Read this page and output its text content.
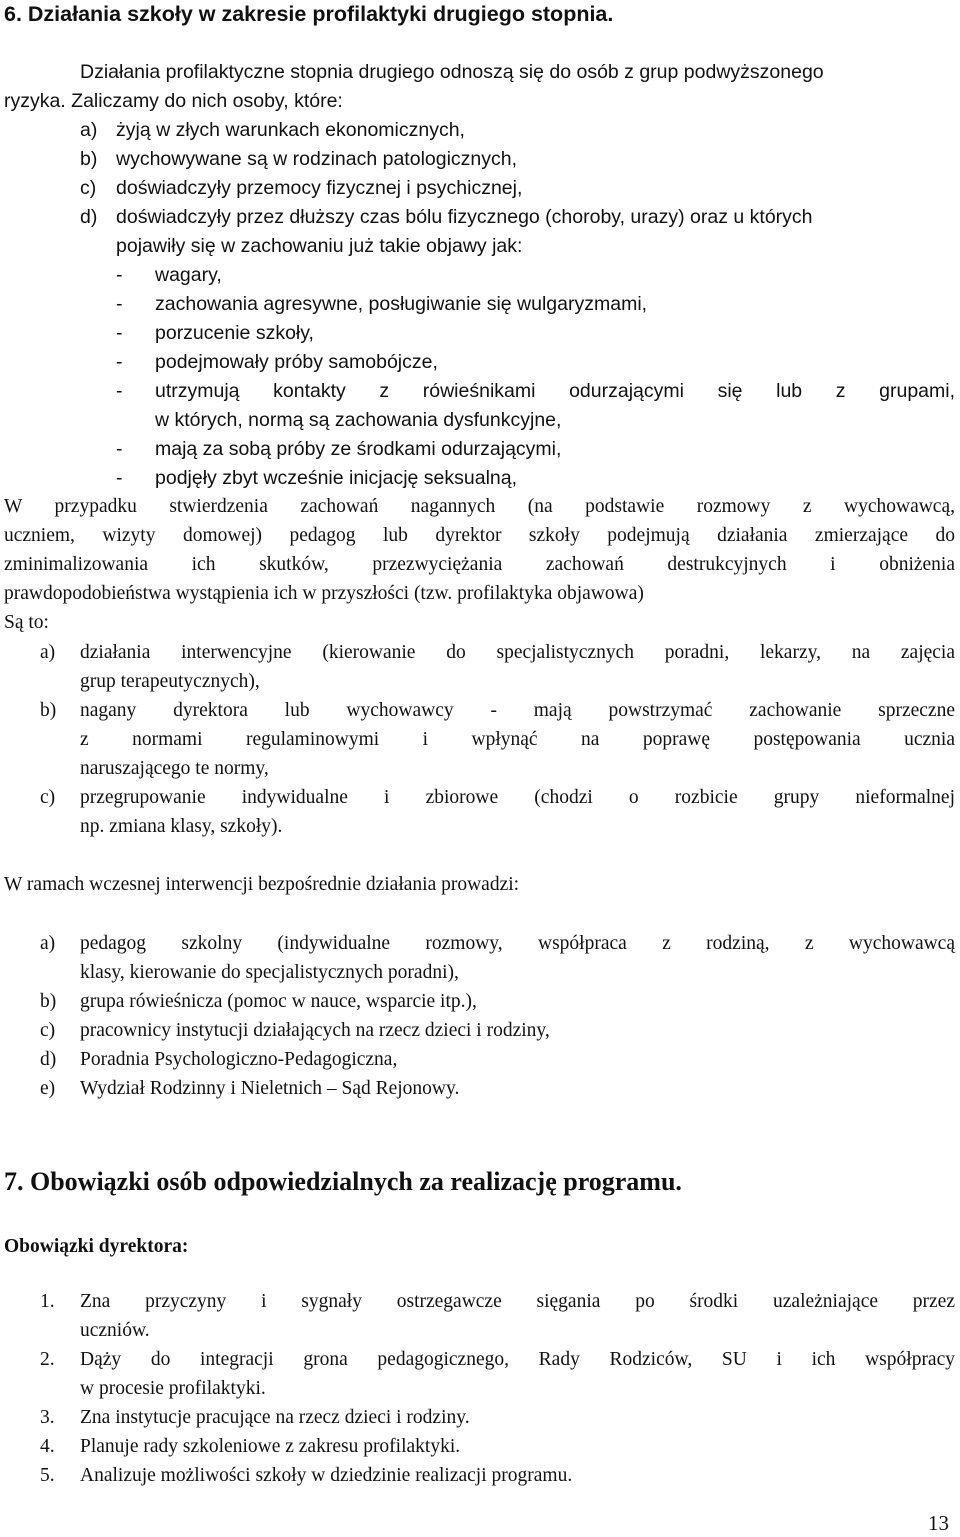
6. Działania szkoły w zakresie profilaktyki drugiego stopnia.
Działania profilaktyczne stopnia drugiego odnoszą się do osób z grup podwyższonego
ryzyka. Zaliczamy do nich osoby, które:
a) żyją w złych warunkach ekonomicznych,
b) wychowywane są w rodzinach patologicznych,
c) doświadczyły przemocy fizycznej i psychicznej,
d) doświadczyły przez dłuższy czas bólu fizycznego (choroby, urazy) oraz u których
pojawiły się w zachowaniu już takie objawy jak:
- wagary,
- zachowania agresywne, posługiwanie się wulgaryzmami,
- porzucenie szkoły,
- podejmowały próby samobójcze,
- utrzymują kontakty z rówieśnikami odurzającymi się lub z grupami,
w których, normą są zachowania dysfunkcyjne,
- mają za sobą próby ze środkami odurzającymi,
- podjęły zbyt wcześnie inicjację seksualną,
W przypadku stwierdzenia zachowań nagannych (na podstawie rozmowy z wychowawcą,
uczniem, wizyty domowej) pedagog lub dyrektor szkoły podejmują działania zmierzające do
zminimalizowania ich skutków, przezwyciężania zachowań destrukcyjnych i obniżenia
prawdopodobieństwa wystąpienia ich w przyszłości (tzw. profilaktyka objawowa)
Są to:
a) działania interwencyjne (kierowanie do specjalistycznych poradni, lekarzy, na zajęcia
grup terapeutycznych),
b) nagany dyrektora lub wychowawcy - mają powstrzymać zachowanie sprzeczne
z normami regulaminowymi i wpłynąć na poprawę postępowania ucznia
naruszającego te normy,
c) przegrupowanie indywidualne i zbiorowe (chodzi o rozbicie grupy nieformalnej
np. zmiana klasy, szkoły).
W ramach wczesnej interwencji bezpośrednie działania prowadzi:
a) pedagog szkolny (indywidualne rozmowy, współpraca z rodziną, z wychowawcą
klasy, kierowanie do specjalistycznych poradni),
b) grupa rówieśnicza (pomoc w nauce, wsparcie itp.),
c) pracownicy instytucji działających na rzecz dzieci i rodziny,
d) Poradnia Psychologiczno-Pedagogiczna,
e) Wydział Rodzinny i Nieletnich – Sąd Rejonowy.
7. Obowiązki osób odpowiedzialnych za realizację programu.
Obowiązki dyrektora:
1. Zna przyczyny i sygnały ostrzegawcze sięgania po środki uzależniające przez
uczniów.
2. Dąży do integracji grona pedagogicznego, Rady Rodziców, SU i ich współpracy
w procesie profilaktyki.
3. Zna instytucje pracujące na rzecz dzieci i rodziny.
4. Planuje rady szkoleniowe z zakresu profilaktyki.
5. Analizuje możliwości szkoły w dziedzinie realizacji programu.
13
